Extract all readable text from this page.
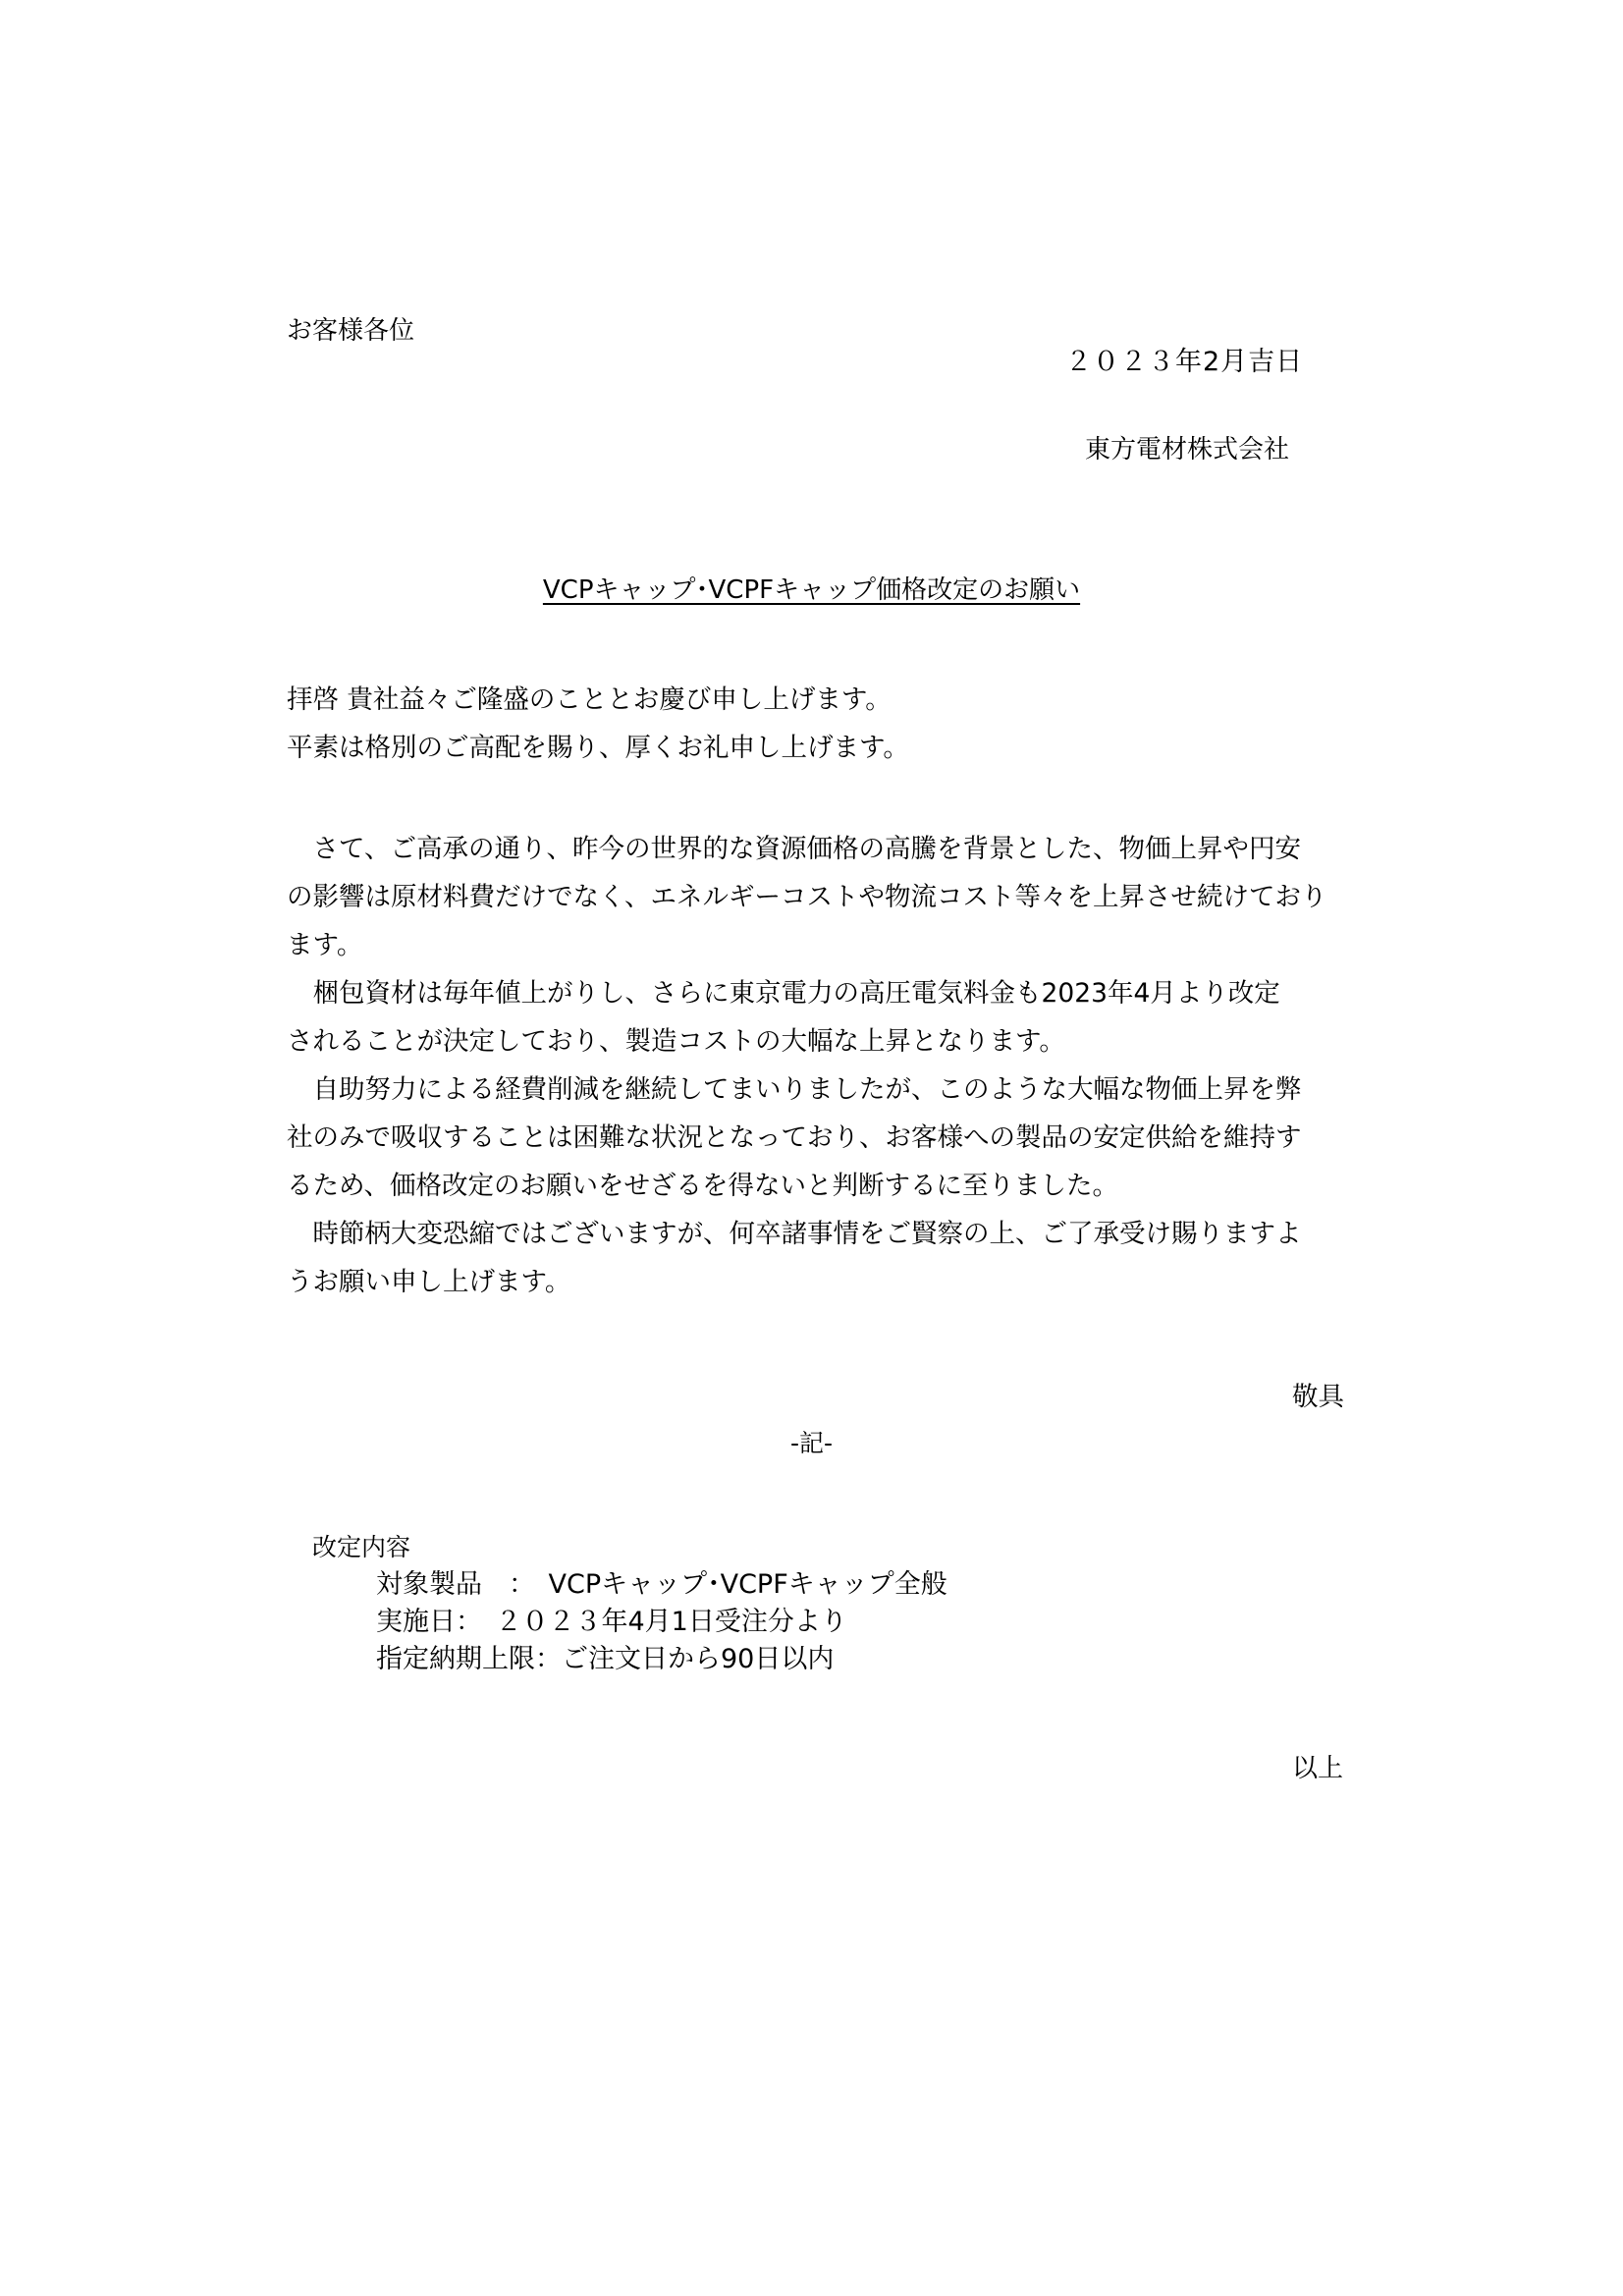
お客様各位
２０２３年2月吉日
東方電材株式会社
VCPキャップ･VCPFキャップ価格改定のお願い

拝啓 貴社益々ご隆盛のこととお慶び申し上げます。

平素は格別のご高配を賜り、厚くお礼申し上げます。

　さて、ご高承の通り、昨今の世界的な資源価格の高騰を背景とした、物価上昇や円安

の影響は原材料費だけでなく、エネルギーコストや物流コスト等々を上昇させ続けており

ます。

　梱包資材は毎年値上がりし、さらに東京電力の高圧電気料金も2023年4月より改定

されることが決定しており、製造コストの大幅な上昇となります。

　自助努力による経費削減を継続してまいりましたが、このような大幅な物価上昇を弊

社のみで吸収することは困難な状況となっており、お客様への製品の安定供給を維持す

るため、価格改定のお願いをせざるを得ないと判断するに至りました。

　時節柄大変恐縮ではございますが、何卒諸事情をご賢察の上、ご了承受け賜りますよ

うお願い申し上げます。

敬具
-記-
改定内容

対象製品　：　VCPキャップ･VCPFキャップ全般

実施日：　２０２３年4月1日受注分より

指定納期上限：ご注文日から90日以内

以上
